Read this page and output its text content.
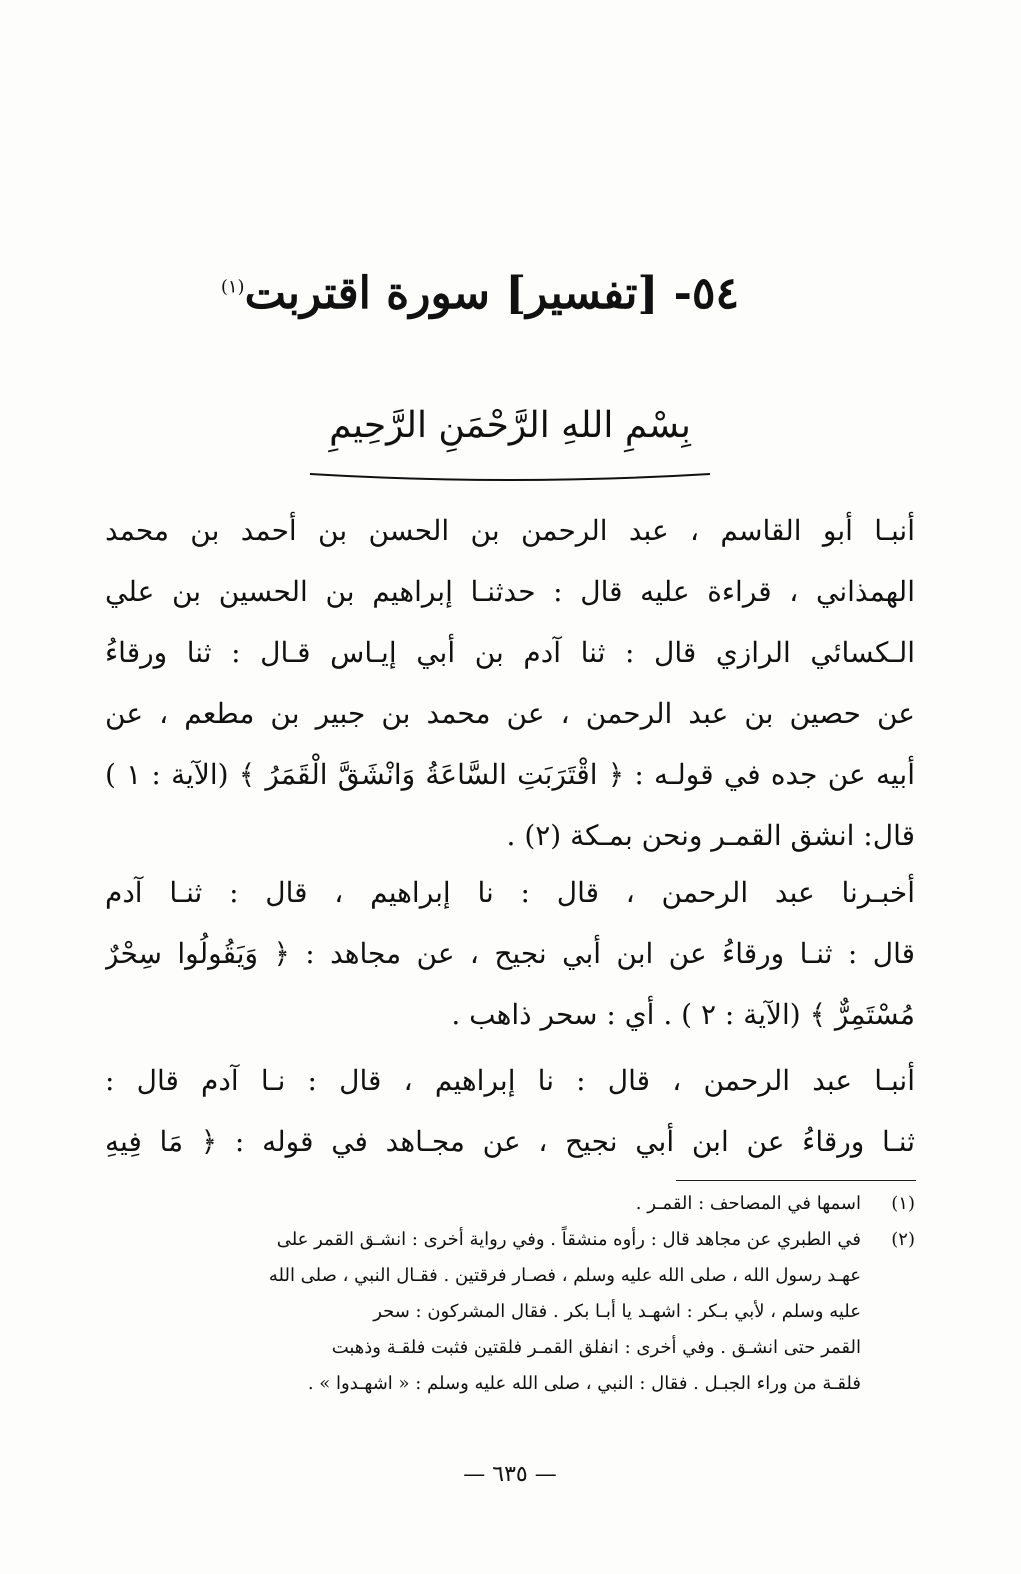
٥٤- [تفسير] سورة اقتربت$^{(١)}$
بِسْمِ اللهِ الرَّحْمَنِ الرَّحِيمِ
أنبـا أبو القاسم ، عبد الرحمن بن الحسن بن أحمد بن محمد
الهمذاني ، قراءة عليه قال : حدثنـا إبراهيم بن الحسين بن علي
الـكسائي الرازي قال : ثنا آدم بن أبي إيـاس قـال : ثنا ورقاءُ
عن حصين بن عبد الرحمن ، عن محمد بن جبير بن مطعم ، عن
أبيه عن جده في قولـه : ﴿ اقْتَرَبَتِ السَّاعَةُ وَانْشَقَّ الْقَمَرُ ﴾ (الآية : ١ )
قال: انشق القمـر ونحن بمـكة (٢) .
أخبـرنا عبد الرحمن ، قال : نا إبراهيم ، قال : ثنـا آدم
قال : ثنـا ورقاءُ عن ابن أبي نجيح ، عن مجاهد : ﴿ وَيَقُولُوا سِحْرٌ
مُسْتَمِرٌّ ﴾ (الآية : ٢ ) . أي : سحر ذاهب .
أنبـا عبد الرحمن ، قال : نا إبراهيم ، قال : نـا آدم قال :
ثنـا ورقاءُ عن ابن أبي نجيح ، عن مجـاهد في قوله : ﴿ مَا فِيهِ
(١)اسمها في المصاحف : القمـر .
(٢)في الطبري عن مجاهد قال : رأوه منشقاً . وفي رواية أخرى : انشـق القمر على
عهـد رسول الله ، صلى الله عليه وسلم ، فصـار فرقتين . فقـال النبي ، صلى الله
عليه وسلم ، لأبي بـكر : اشهـد يا أبـا بكر . فقال المشركون : سحر
القمر حتى انشـق . وفي أخرى : انفلق القمـر فلقتين فثبت فلقـة وذهبت
فلقـة من وراء الجبـل . فقال : النبي ، صلى الله عليه وسلم : « اشهـدوا » .
— ٦٣٥ —
